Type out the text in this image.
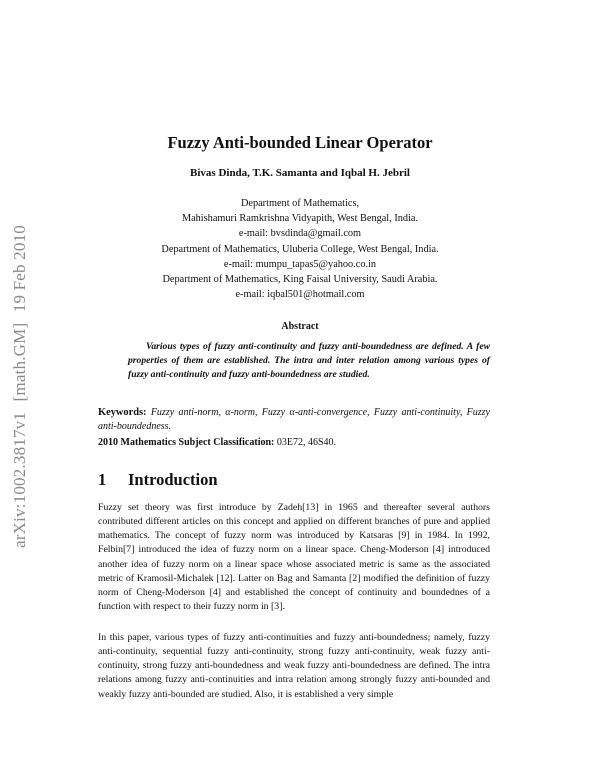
arXiv:1002.3817v1 [math.GM] 19 Feb 2010
Fuzzy Anti-bounded Linear Operator
Bivas Dinda, T.K. Samanta and Iqbal H. Jebril
Department of Mathematics,
Mahishamuri Ramkrishna Vidyapith, West Bengal, India.
e-mail: bvsdinda@gmail.com
Department of Mathematics, Uluberia College, West Bengal, India.
e-mail: mumpu_tapas5@yahoo.co.in
Department of Mathematics, King Faisal University, Saudi Arabia.
e-mail: iqbal501@hotmail.com
Abstract
Various types of fuzzy anti-continuity and fuzzy anti-boundedness are defined. A few properties of them are established. The intra and inter relation among various types of fuzzy anti-continuity and fuzzy anti-boundedness are studied.
Keywords: Fuzzy anti-norm, α-norm, Fuzzy α-anti-convergence, Fuzzy anti-continuity, Fuzzy anti-boundedness.
2010 Mathematics Subject Classification: 03E72, 46S40.
1 Introduction
Fuzzy set theory was first introduce by Zadeh[13] in 1965 and thereafter several authors contributed different articles on this concept and applied on different branches of pure and applied mathematics. The concept of fuzzy norm was introduced by Katsaras [9] in 1984. In 1992, Felbin[7] introduced the idea of fuzzy norm on a linear space. Cheng-Moderson [4] introduced another idea of fuzzy norm on a linear space whose associated metric is same as the associated metric of Kramosil-Michalek [12]. Latter on Bag and Samanta [2] modified the definition of fuzzy norm of Cheng-Moderson [4] and established the concept of continuity and boundednes of a function with respect to their fuzzy norm in [3].
In this paper, various types of fuzzy anti-continuities and fuzzy anti-boundedness; namely, fuzzy anti-continuity, sequential fuzzy anti-continuity, strong fuzzy anti-continuity, weak fuzzy anti-continuity, strong fuzzy anti-boundedness and weak fuzzy anti-boundedness are defined. The intra relations among fuzzy anti-continuities and intra relation among strongly fuzzy anti-bounded and weakly fuzzy anti-bounded are studied. Also, it is established a very simple
